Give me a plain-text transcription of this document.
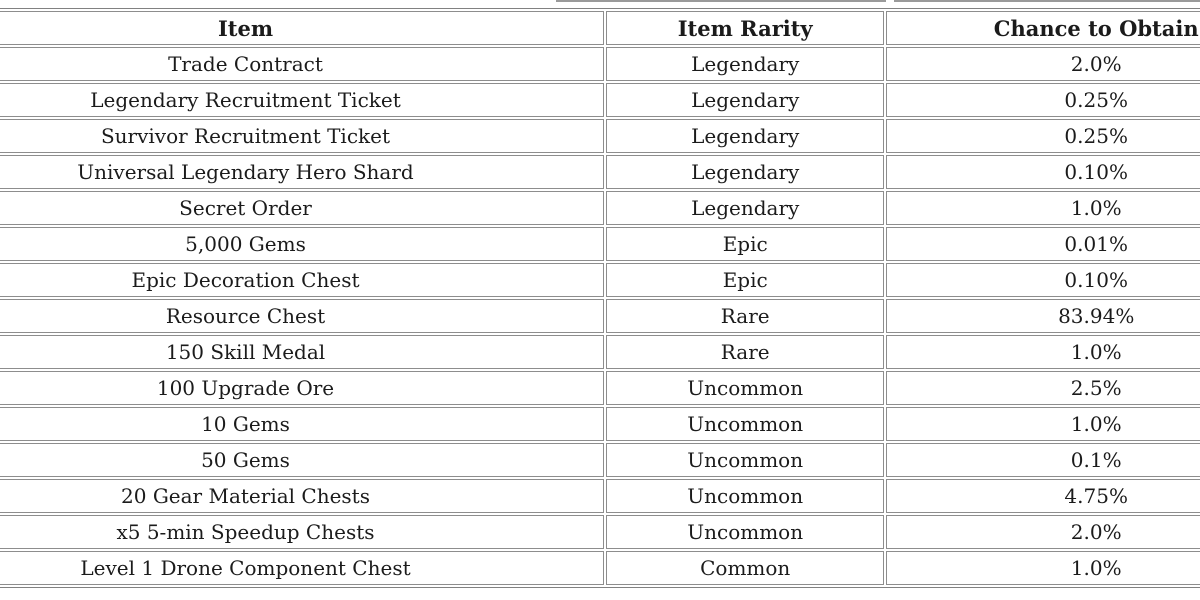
Item	Item Rarity	Chance to Obtain
Trade Contract	Legendary	2.0%
Legendary Recruitment Ticket	Legendary	0.25%
Survivor Recruitment Ticket	Legendary	0.25%
Universal Legendary Hero Shard	Legendary	0.10%
Secret Order	Legendary	1.0%
5,000 Gems	Epic	0.01%
Epic Decoration Chest	Epic	0.10%
Resource Chest	Rare	83.94%
150 Skill Medal	Rare	1.0%
100 Upgrade Ore	Uncommon	2.5%
10 Gems	Uncommon	1.0%
50 Gems	Uncommon	0.1%
20 Gear Material Chests	Uncommon	4.75%
x5 5-min Speedup Chests	Uncommon	2.0%
Level 1 Drone Component Chest	Common	1.0%
